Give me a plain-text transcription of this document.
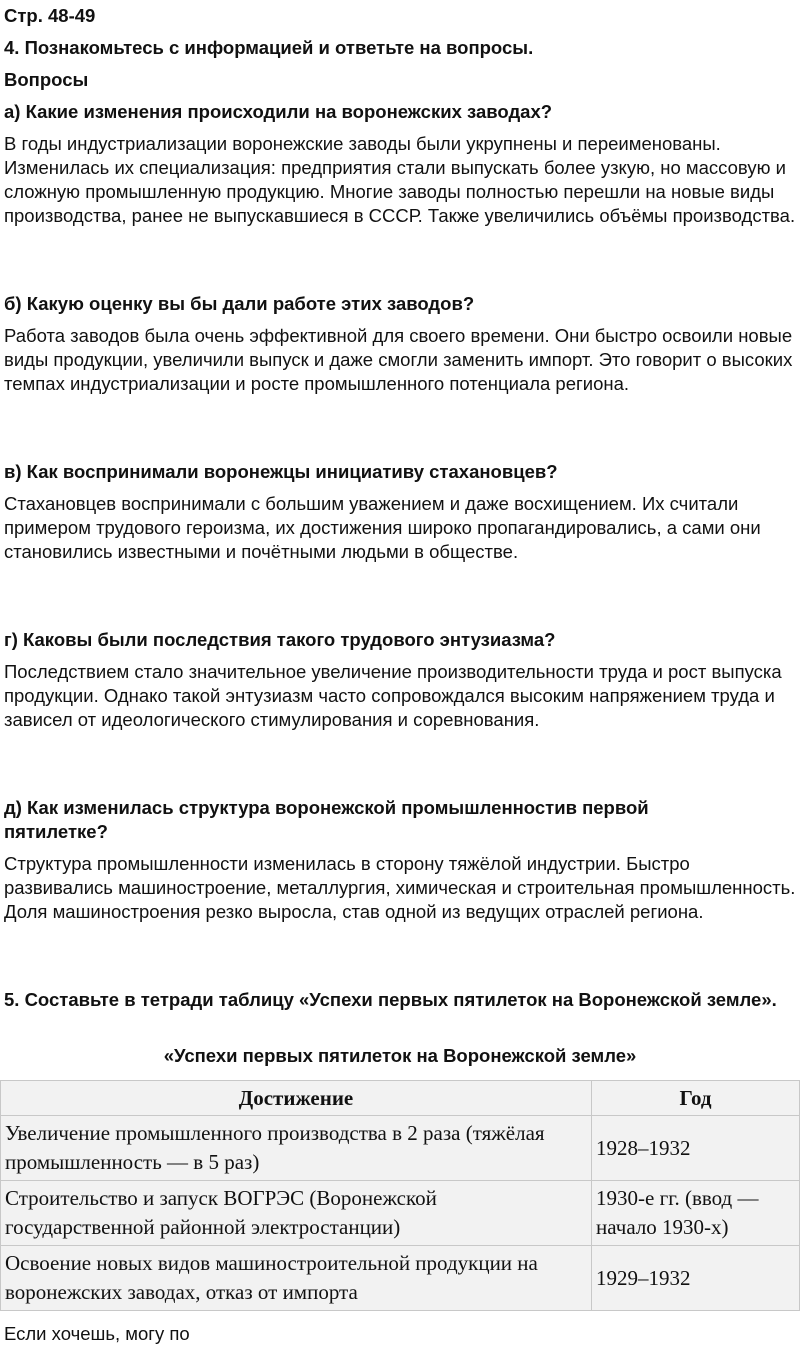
Стр. 48-49
4. Познакомьтесь с информацией и ответьте на вопросы.
Вопросы

а) Какие изменения происходили на воронежских заводах?

В годы индустриализации воронежские заводы были укрупнены и переименованы. Изменилась их специализация: предприятия стали выпускать более узкую, но массовую и сложную промышленную продукцию. Многие заводы полностью перешли на новые виды производства, ранее не выпускавшиеся в СССР. Также увеличились объёмы производства.

б) Какую оценку вы бы дали работе этих заводов?

Работа заводов была очень эффективной для своего времени. Они быстро освоили новые виды продукции, увеличили выпуск и даже смогли заменить импорт. Это говорит о высоких темпах индустриализации и росте промышленного потенциала региона.

в) Как воспринимали воронежцы инициативу стахановцев?

Стахановцев воспринимали с большим уважением и даже восхищением. Их считали примером трудового героизма, их достижения широко пропагандировались, а сами они становились известными и почётными людьми в обществе.

г) Каковы были последствия такого трудового энтузиазма?

Последствием стало значительное увеличение производительности труда и рост выпуска продукции. Однако такой энтузиазм часто сопровождался высоким напряжением труда и зависел от идеологического стимулирования и соревнования.

д) Как изменилась структура воронежской промышленностив первой пятилетке?

Структура промышленности изменилась в сторону тяжёлой индустрии. Быстро развивались машиностроение, металлургия, химическая и строительная промышленность. Доля машиностроения резко выросла, став одной из ведущих отраслей региона.

5. Составьте в тетради таблицу «Успехи первых пятилеток на Воронежской земле».

«Успехи первых пятилеток на Воронежской земле»
Достижение	Год
Увеличение промышленного производства в 2 раза (тяжёлая промышленность — в 5 раз)	1928–1932
Строительство и запуск ВОГРЭС (Воронежской государственной районной электростанции)	1930-е гг. (ввод — начало 1930-х)
Освоение новых видов машиностроительной продукции на воронежских заводах, отказ от импорта	1929–1932
Если хочешь, могу по
